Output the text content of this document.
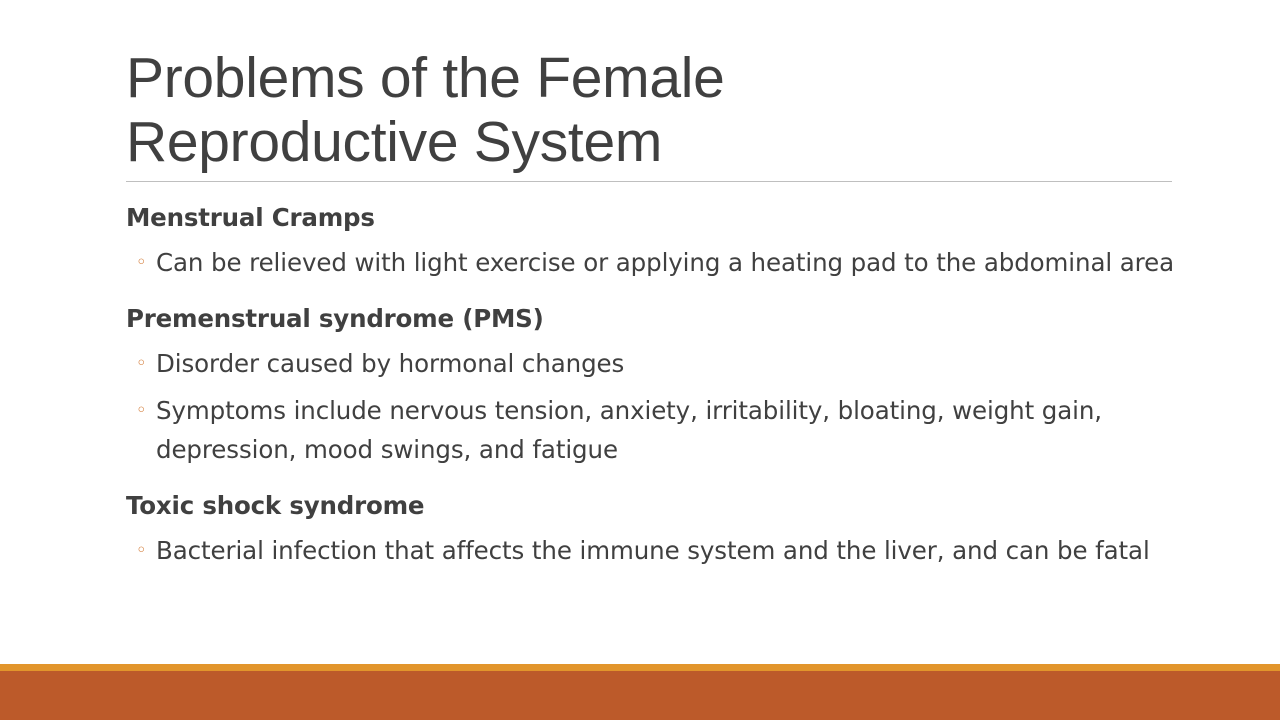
Problems of the Female
Reproductive System
Menstrual Cramps
◦ Can be relieved with light exercise or applying a heating pad to the abdominal area
Premenstrual syndrome (PMS)
◦ Disorder caused by hormonal changes
◦ Symptoms include nervous tension, anxiety, irritability, bloating, weight gain, depression, mood swings, and fatigue
Toxic shock syndrome
◦ Bacterial infection that affects the immune system and the liver, and can be fatal
